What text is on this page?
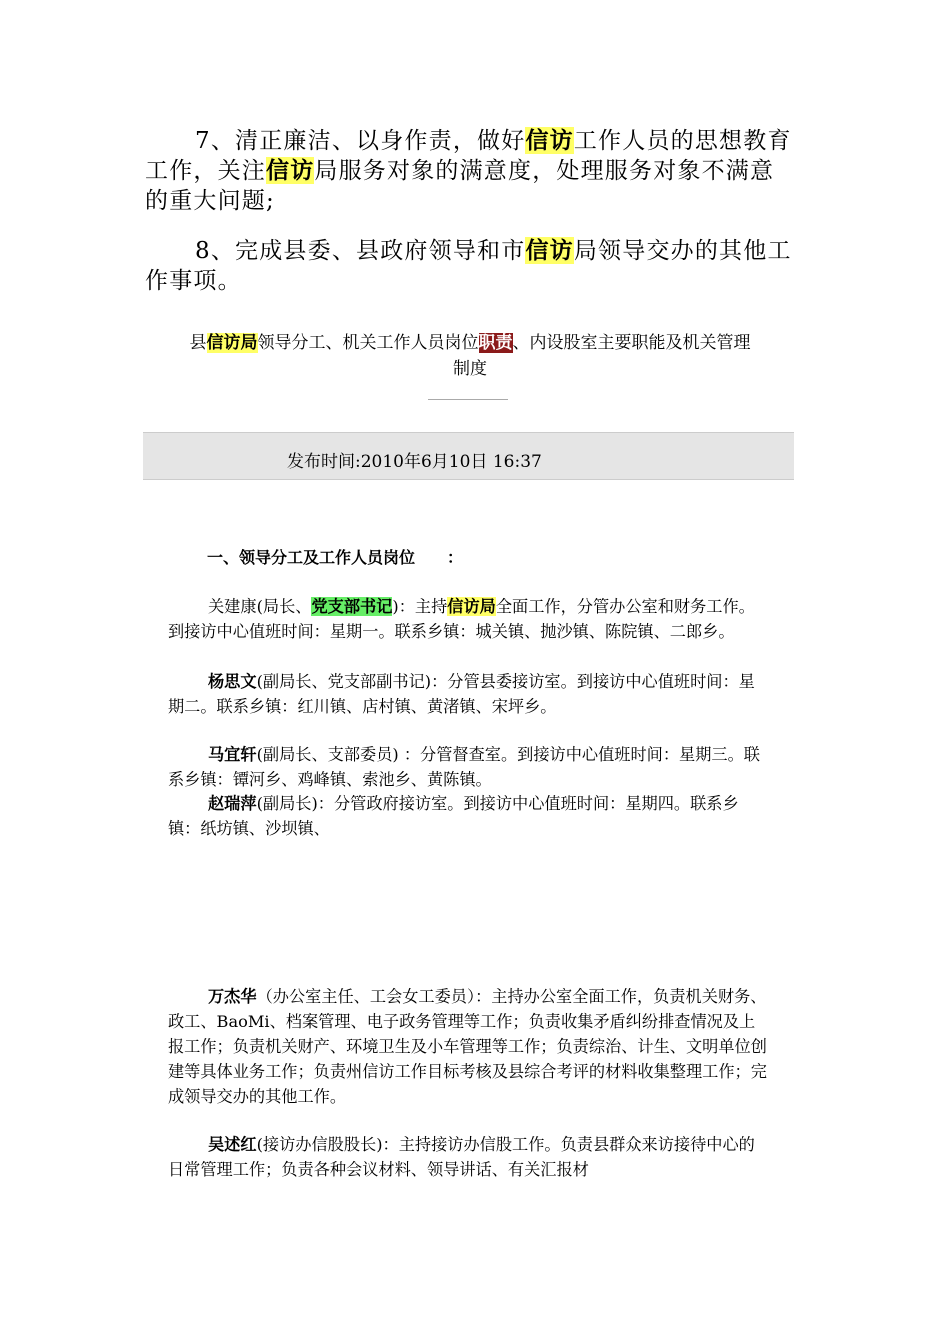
7、清正廉洁、以身作责，做好信访工作人员的思想教育工作，关注信访局服务对象的满意度，处理服务对象不满意的重大问题;
8、完成县委、县政府领导和市信访局领导交办的其他工作事项。
县信访局领导分工、机关工作人员岗位职责、内设股室主要职能及机关管理
制度
发布时间:2010年6月10日 16:37
一、领导分工及工作人员岗位　　：
关建康(局长、党支部书记)：主持信访局全面工作，分管办公室和财务工作。到接访中心值班时间：星期一。联系乡镇：城关镇、抛沙镇、陈院镇、二郎乡。
杨思文(副局长、党支部副书记)：分管县委接访室。到接访中心值班时间：星期二。联系乡镇：红川镇、店村镇、黄渚镇、宋坪乡。
马宜轩(副局长、支部委员) ：分管督查室。到接访中心值班时间：星期三。联系乡镇：镡河乡、鸡峰镇、索池乡、黄陈镇。
赵瑞萍(副局长)：分管政府接访室。到接访中心值班时间：星期四。联系乡镇：纸坊镇、沙坝镇、
万杰华（办公室主任、工会女工委员）：主持办公室全面工作，负责机关财务、政工、BaoMi、档案管理、电子政务管理等工作；负责收集矛盾纠纷排查情况及上报工作；负责机关财产、环境卫生及小车管理等工作；负责综治、计生、文明单位创建等具体业务工作；负责州信访工作目标考核及县综合考评的材料收集整理工作；完成领导交办的其他工作。
吴述红(接访办信股股长)：主持接访办信股工作。负责县群众来访接待中心的日常管理工作；负责各种会议材料、领导讲话、有关汇报材
